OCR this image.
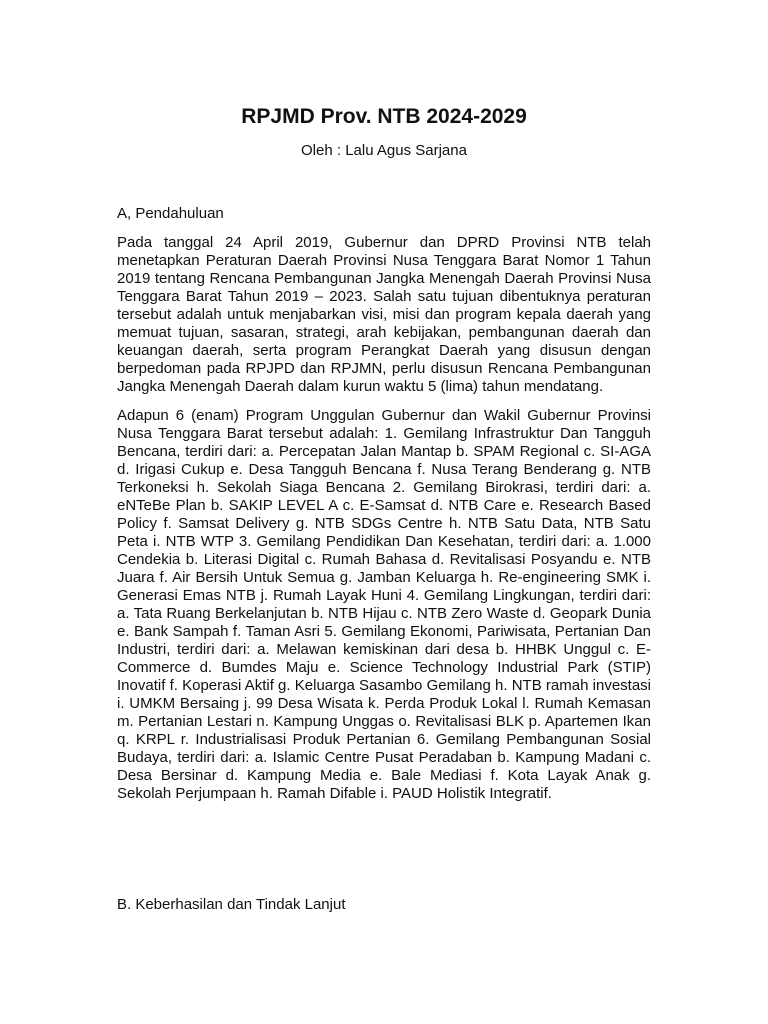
RPJMD Prov. NTB 2024-2029

Oleh : Lalu Agus Sarjana

A, Pendahuluan

Pada tanggal 24 April 2019, Gubernur dan DPRD Provinsi NTB telah menetapkan Peraturan Daerah Provinsi Nusa Tenggara Barat Nomor 1 Tahun 2019 tentang Rencana Pembangunan Jangka Menengah Daerah Provinsi Nusa Tenggara Barat Tahun 2019 – 2023. Salah satu tujuan dibentuknya peraturan tersebut adalah untuk menjabarkan visi, misi dan program kepala daerah yang memuat tujuan, sasaran, strategi, arah kebijakan, pembangunan daerah dan keuangan daerah, serta program Perangkat Daerah yang disusun dengan berpedoman pada RPJPD dan RPJMN, perlu disusun Rencana Pembangunan Jangka Menengah Daerah dalam kurun waktu 5 (lima) tahun mendatang.

Adapun 6 (enam) Program Unggulan Gubernur dan Wakil Gubernur Provinsi Nusa Tenggara Barat tersebut adalah: 1. Gemilang Infrastruktur Dan Tangguh Bencana, terdiri dari: a. Percepatan Jalan Mantap b. SPAM Regional c. SI-AGA d. Irigasi Cukup e. Desa Tangguh Bencana f. Nusa Terang Benderang g. NTB Terkoneksi h. Sekolah Siaga Bencana 2. Gemilang Birokrasi, terdiri dari: a. eNTeBe Plan b. SAKIP LEVEL A c. E-Samsat d. NTB Care e. Research Based Policy f. Samsat Delivery g. NTB SDGs Centre h. NTB Satu Data, NTB Satu Peta i. NTB WTP 3. Gemilang Pendidikan Dan Kesehatan, terdiri dari: a. 1.000 Cendekia b. Literasi Digital c. Rumah Bahasa d. Revitalisasi Posyandu e. NTB Juara f. Air Bersih Untuk Semua g. Jamban Keluarga h. Re-engineering SMK i. Generasi Emas NTB j. Rumah Layak Huni 4. Gemilang Lingkungan, terdiri dari: a. Tata Ruang Berkelanjutan b. NTB Hijau c. NTB Zero Waste d. Geopark Dunia e. Bank Sampah f. Taman Asri 5. Gemilang Ekonomi, Pariwisata, Pertanian Dan Industri, terdiri dari: a. Melawan kemiskinan dari desa b. HHBK Unggul c. E-Commerce d. Bumdes Maju e. Science Technology Industrial Park (STIP) Inovatif f. Koperasi Aktif g. Keluarga Sasambo Gemilang h. NTB ramah investasi i. UMKM Bersaing j. 99 Desa Wisata k. Perda Produk Lokal l. Rumah Kemasan m. Pertanian Lestari n. Kampung Unggas o. Revitalisasi BLK p. Apartemen Ikan q. KRPL r. Industrialisasi Produk Pertanian 6. Gemilang Pembangunan Sosial Budaya, terdiri dari: a. Islamic Centre Pusat Peradaban b. Kampung Madani c. Desa Bersinar d. Kampung Media e. Bale Mediasi f. Kota Layak Anak g. Sekolah Perjumpaan h. Ramah Difable i. PAUD Holistik Integratif.

B. Keberhasilan dan Tindak Lanjut
